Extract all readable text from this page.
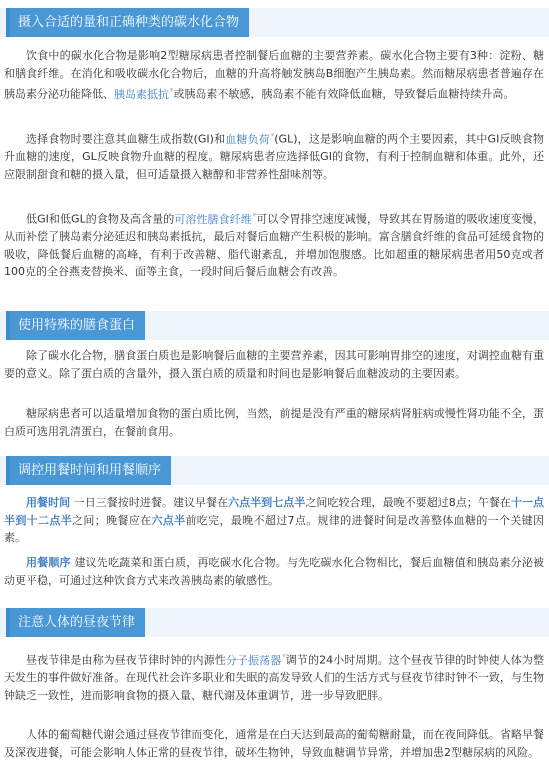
摄入合适的量和正确种类的碳水化合物

饮食中的碳水化合物是影响2型糖尿病患者控制餐后血糖的主要营养素。碳水化合物主要有3种：淀粉、糖和膳食纤维。在消化和吸收碳水化合物后，血糖的升高将触发胰岛B细胞产生胰岛素。然而糖尿病患者普遍存在胰岛素分泌功能降低、胰岛素抵抗$^ᵠ$或胰岛素不敏感，胰岛素不能有效降低血糖，导致餐后血糖持续升高。

选择食物时要注意其血糖生成指数(GI)和血糖负荷$^ᵠ$(GL)，这是影响血糖的两个主要因素，其中GI反映食物升血糖的速度，GL反映食物升血糖的程度。糖尿病患者应选择低GI的食物，有利于控制血糖和体重。此外，还应限制甜食和糖的摄入量，但可适量摄入糖醇和非营养性甜味剂等。

低GI和低GL的食物及高含量的可溶性膳食纤维$^ᵠ$可以令胃排空速度减慢，导致其在胃肠道的吸收速度变慢，从而补偿了胰岛素分泌延迟和胰岛素抵抗，最后对餐后血糖产生积极的影响。富含膳食纤维的食品可延缓食物的吸收，降低餐后血糖的高峰，有利于改善糖、脂代谢紊乱，并增加饱腹感。比如超重的糖尿病患者用50克或者100克的全谷燕麦替换米、面等主食，一段时间后餐后血糖会有改善。

使用特殊的膳食蛋白

除了碳水化合物，膳食蛋白质也是影响餐后血糖的主要营养素，因其可影响胃排空的速度，对调控血糖有重要的意义。除了蛋白质的含量外，摄入蛋白质的质量和时间也是影响餐后血糖波动的主要因素。

糖尿病患者可以适量增加食物的蛋白质比例，当然，前提是没有严重的糖尿病肾脏病或慢性肾功能不全，蛋白质可选用乳清蛋白，在餐前食用。

调控用餐时间和用餐顺序

用餐时间 一日三餐按时进餐。建议早餐在六点半到七点半之间吃较合理，最晚不要超过8点；午餐在十一点半到十二点半之间；晚餐应在六点半前吃完，最晚不超过7点。规律的进餐时间是改善整体血糖的一个关键因素。

用餐顺序 建议先吃蔬菜和蛋白质，再吃碳水化合物。与先吃碳水化合物相比，餐后血糖值和胰岛素分泌被动更平稳，可通过这种饮食方式来改善胰岛素的敏感性。

注意人体的昼夜节律

昼夜节律是由称为昼夜节律时钟的内源性分子振荡器$^ᵠ$调节的24小时周期。这个昼夜节律的时钟使人体为整天发生的事件做好准备。在现代社会许多职业和失眠的高发导致人们的生活方式与昼夜节律时钟不一致，与生物钟缺乏一致性，进而影响食物的摄入量、糖代谢及体重调节，进一步导致肥胖。

人体的葡萄糖代谢会通过昼夜节律而变化，通常是在白天达到最高的葡萄糖耐量，而在夜间降低。省略早餐及深夜进餐，可能会影响人体正常的昼夜节律，破坏生物钟，导致血糖调节异常，并增加患2型糖尿病的风险。
